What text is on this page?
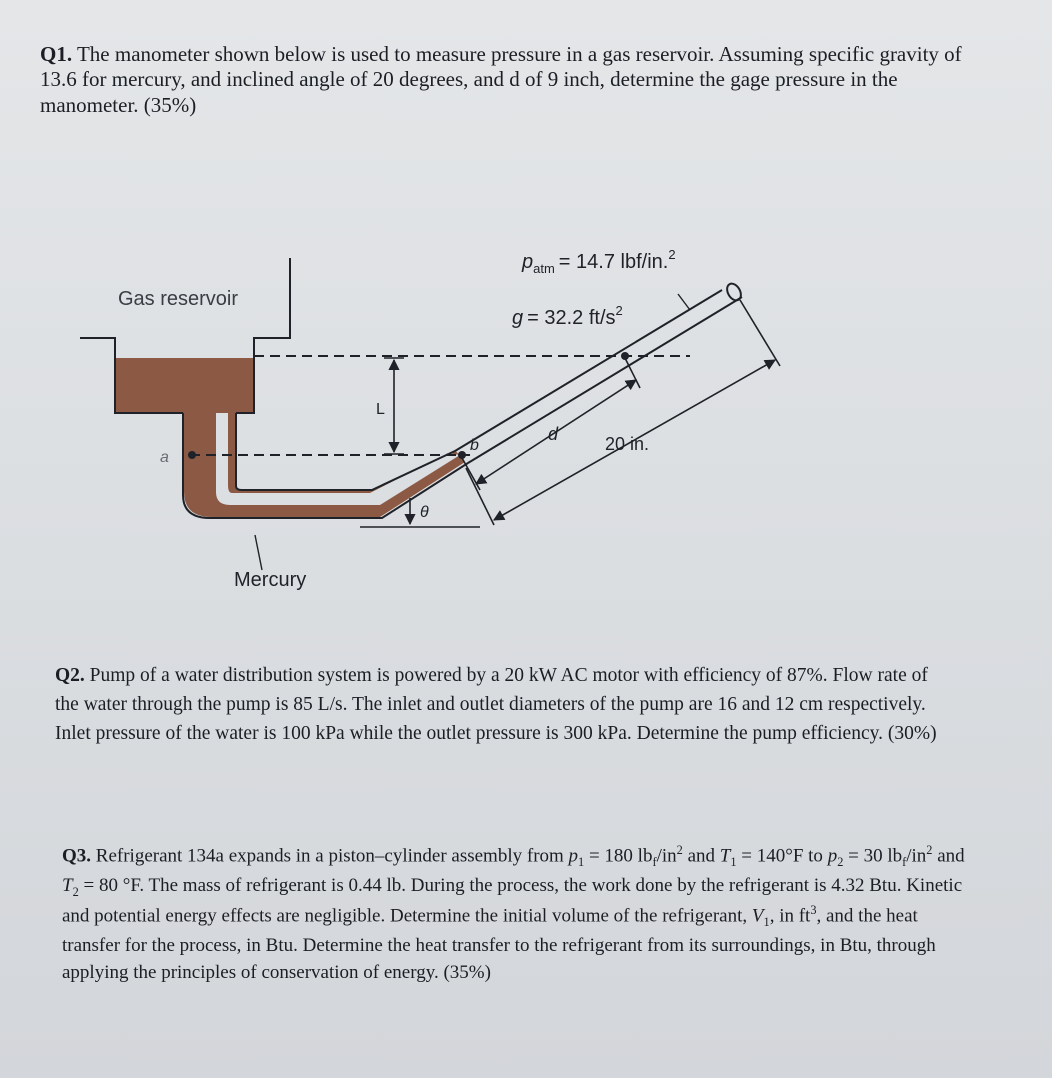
Q1. The manometer shown below is used to measure pressure in a gas reservoir. Assuming specific gravity of 13.6 for mercury, and inclined angle of 20 degrees, and d of 9 inch, determine the gage pressure in the manometer. (35%)

Gas reservoir
$p_{atm} = 14.7$ lbf/in.$^2$
g = 32.2 $ft/s^2$
L
d	20 in.
a
b
θ
Mercury

Q2. Pump of a water distribution system is powered by a 20 kW AC motor with efficiency of 87%. Flow rate of the water through the pump is 85 L/s. The inlet and outlet diameters of the pump are 16 and 12 cm respectively. Inlet pressure of the water is 100 kPa while the outlet pressure is 300 kPa. Determine the pump efficiency. (30%)

Q3. Refrigerant 134a expands in a piston–cylinder assembly from $p_1 = 180$ $lb_f/in^2$ and $T_1 = 140^\circ F$ to $p_2 = 30$ $lb_f/in^2$ and $T_2 = 80$ °F. The mass of refrigerant is 0.44 lb. During the process, the work done by the refrigerant is 4.32 Btu. Kinetic and potential energy effects are negligible. Determine the initial volume of the refrigerant, $V_1$, in $ft^3$, and the heat transfer for the process, in Btu. Determine the heat transfer to the refrigerant from its surroundings, in Btu, through applying the principles of conservation of energy. (35%)
